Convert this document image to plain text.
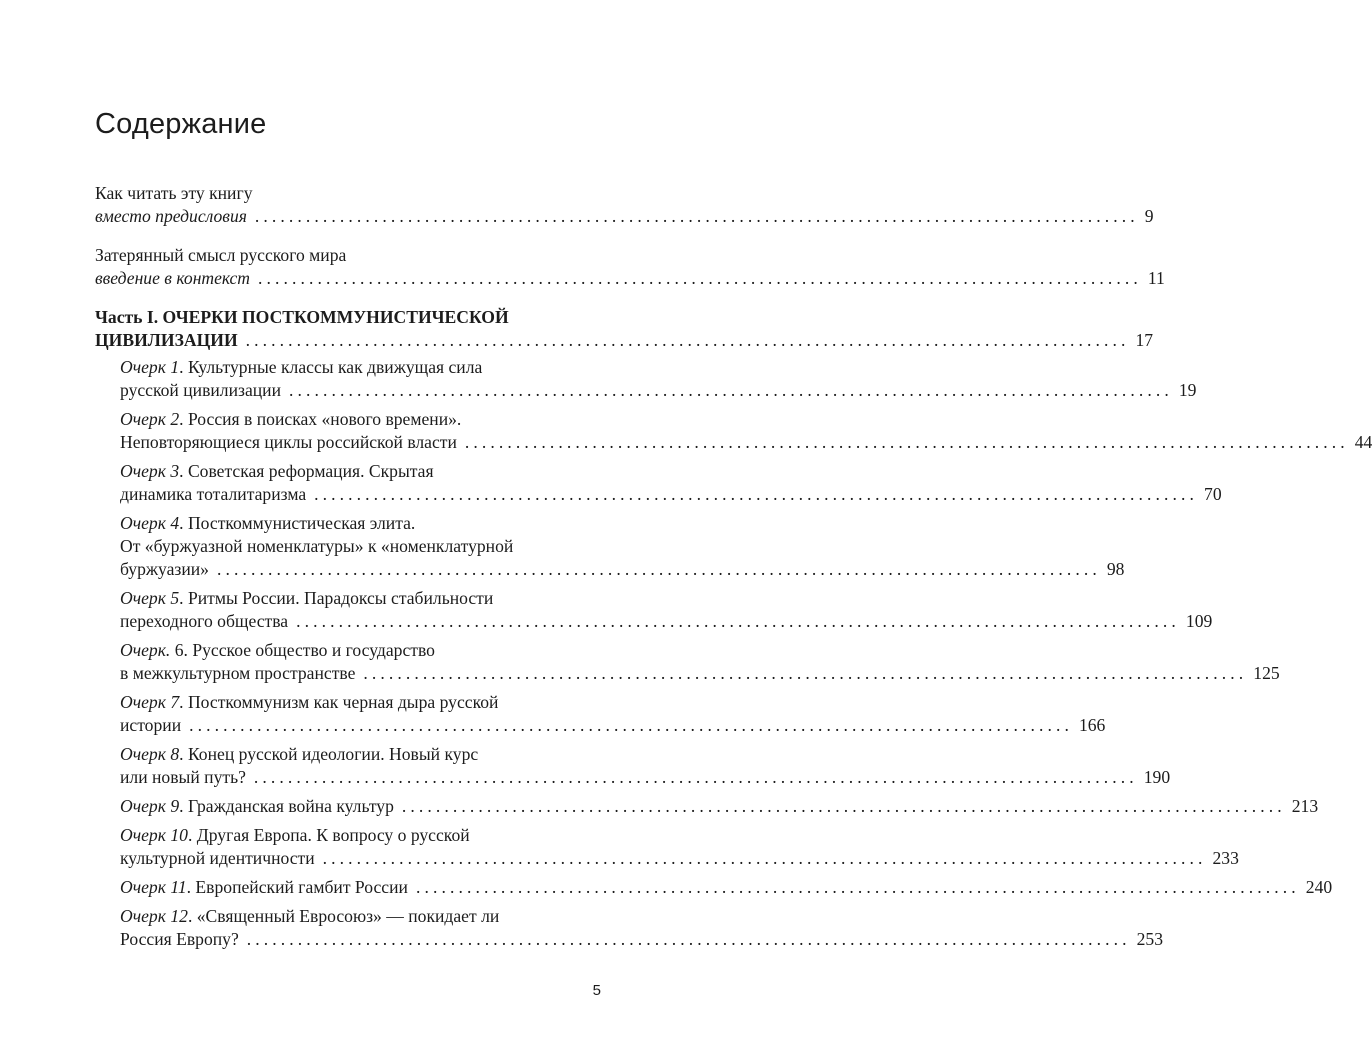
Содержание
Как читать эту книгу
вместо предисловия ........................................................................................................ 9
Затерянный смысл русского мира
введение в контекст ........................................................................................................ 11
Часть I. ОЧЕРКИ ПОСТКОММУНИСТИЧЕСКОЙ
ЦИВИЛИЗАЦИИ ........................................................................................................ 17
Очерк 1. Культурные классы как движущая сила
русской цивилизации ........................................................................................................ 19
Очерк 2. Россия в поисках «нового времени».
Неповторяющиеся циклы российской власти ........................................................................................................ 44
Очерк 3. Советская реформация. Скрытая
динамика тоталитаризма ........................................................................................................ 70
Очерк 4. Посткоммунистическая элита.
От «буржуазной номенклатуры» к «номенклатурной
буржуазии» ........................................................................................................ 98
Очерк 5. Ритмы России. Парадоксы стабильности
переходного общества ........................................................................................................ 109
Очерк. 6. Русское общество и государство
в межкультурном пространстве ........................................................................................................ 125
Очерк 7. Посткоммунизм как черная дыра русской
истории ........................................................................................................ 166
Очерк 8. Конец русской идеологии. Новый курс
или новый путь? ........................................................................................................ 190
Очерк 9. Гражданская война культур ........................................................................................................ 213
Очерк 10. Другая Европа. К вопросу о русской
культурной идентичности ........................................................................................................ 233
Очерк 11. Европейский гамбит России ........................................................................................................ 240
Очерк 12. «Священный Евросоюз» — покидает ли
Россия Европу? ........................................................................................................ 253
5
